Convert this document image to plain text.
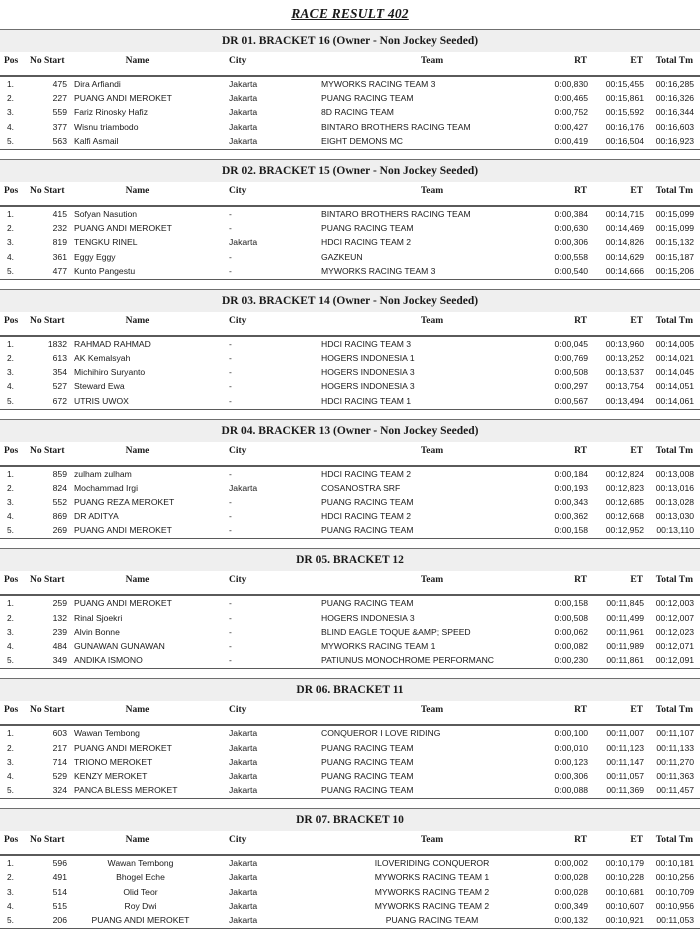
RACE RESULT 402
DR 01. BRACKET 16 (Owner - Non Jockey Seeded)
Pos	No Start	Name	City	Team	RT	ET	Total Tm
1.	475	Dira Arfiandi	Jakarta	MYWORKS RACING TEAM 3	0:00,830	00:15,455	00:16,285
2.	227	PUANG ANDI MEROKET	Jakarta	PUANG RACING TEAM	0:00,465	00:15,861	00:16,326
3.	559	Fariz Rinosky Hafiz	Jakarta	8D RACING TEAM	0:00,752	00:15,592	00:16,344
4.	377	Wisnu triambodo	Jakarta	BINTARO BROTHERS RACING TEAM	0:00,427	00:16,176	00:16,603
5.	563	Kalfi Asmail	Jakarta	EIGHT DEMONS MC	0:00,419	00:16,504	00:16,923
DR 02. BRACKET 15 (Owner - Non Jockey Seeded)
Pos	No Start	Name	City	Team	RT	ET	Total Tm
1.	415	Sofyan Nasution	-	BINTARO BROTHERS RACING TEAM	0:00,384	00:14,715	00:15,099
2.	232	PUANG ANDI MEROKET	-	PUANG RACING TEAM	0:00,630	00:14,469	00:15,099
3.	819	TENGKU RINEL	Jakarta	HDCI RACING TEAM 2	0:00,306	00:14,826	00:15,132
4.	361	Eggy Eggy	-	GAZKEUN	0:00,558	00:14,629	00:15,187
5.	477	Kunto Pangestu	-	MYWORKS RACING TEAM 3	0:00,540	00:14,666	00:15,206
DR 03. BRACKET 14 (Owner - Non Jockey Seeded)
Pos	No Start	Name	City	Team	RT	ET	Total Tm
1.	1832	RAHMAD RAHMAD	-	HDCI RACING TEAM 3	0:00,045	00:13,960	00:14,005
2.	613	AK Kemalsyah	-	HOGERS INDONESIA 1	0:00,769	00:13,252	00:14,021
3.	354	Michihiro Suryanto	-	HOGERS INDONESIA 3	0:00,508	00:13,537	00:14,045
4.	527	Steward Ewa	-	HOGERS INDONESIA 3	0:00,297	00:13,754	00:14,051
5.	672	UTRIS UWOX	-	HDCI RACING TEAM 1	0:00,567	00:13,494	00:14,061
DR 04. BRACKER 13 (Owner - Non Jockey Seeded)
Pos	No Start	Name	City	Team	RT	ET	Total Tm
1.	859	zulham zulham	-	HDCI RACING TEAM 2	0:00,184	00:12,824	00:13,008
2.	824	Mochammad Irgi	Jakarta	COSANOSTRA SRF	0:00,193	00:12,823	00:13,016
3.	552	PUANG REZA MEROKET	-	PUANG RACING TEAM	0:00,343	00:12,685	00:13,028
4.	869	DR ADITYA	-	HDCI RACING TEAM 2	0:00,362	00:12,668	00:13,030
5.	269	PUANG ANDI MEROKET	-	PUANG RACING TEAM	0:00,158	00:12,952	00:13,110
DR 05. BRACKET 12
Pos	No Start	Name	City	Team	RT	ET	Total Tm
1.	259	PUANG ANDI MEROKET	-	PUANG RACING TEAM	0:00,158	00:11,845	00:12,003
2.	132	Rinal Sjoekri	-	HOGERS INDONESIA 3	0:00,508	00:11,499	00:12,007
3.	239	Alvin Bonne	-	BLIND EAGLE TOQUE &AMP; SPEED	0:00,062	00:11,961	00:12,023
4.	484	GUNAWAN GUNAWAN	-	MYWORKS RACING TEAM 1	0:00,082	00:11,989	00:12,071
5.	349	ANDIKA ISMONO	-	PATIUNUS MONOCHROME PERFORMANC	0:00,230	00:11,861	00:12,091
DR 06. BRACKET 11
Pos	No Start	Name	City	Team	RT	ET	Total Tm
1.	603	Wawan Tembong	Jakarta	CONQUEROR I LOVE RIDING	0:00,100	00:11,007	00:11,107
2.	217	PUANG ANDI MEROKET	Jakarta	PUANG RACING TEAM	0:00,010	00:11,123	00:11,133
3.	714	TRIONO MEROKET	Jakarta	PUANG RACING TEAM	0:00,123	00:11,147	00:11,270
4.	529	KENZY MEROKET	Jakarta	PUANG RACING TEAM	0:00,306	00:11,057	00:11,363
5.	324	PANCA BLESS MEROKET	Jakarta	PUANG RACING TEAM	0:00,088	00:11,369	00:11,457
DR 07. BRACKET 10
Pos	No Start	Name	City	Team	RT	ET	Total Tm
1.	596	Wawan Tembong	Jakarta	ILOVERIDING CONQUEROR	0:00,002	00:10,179	00:10,181
2.	491	Bhogel Eche	Jakarta	MYWORKS RACING TEAM 1	0:00,028	00:10,228	00:10,256
3.	514	Olid Teor	Jakarta	MYWORKS RACING TEAM 2	0:00,028	00:10,681	00:10,709
4.	515	Roy Dwi	Jakarta	MYWORKS RACING TEAM 2	0:00,349	00:10,607	00:10,956
5.	206	PUANG ANDI MEROKET	Jakarta	PUANG RACING TEAM	0:00,132	00:10,921	00:11,053
